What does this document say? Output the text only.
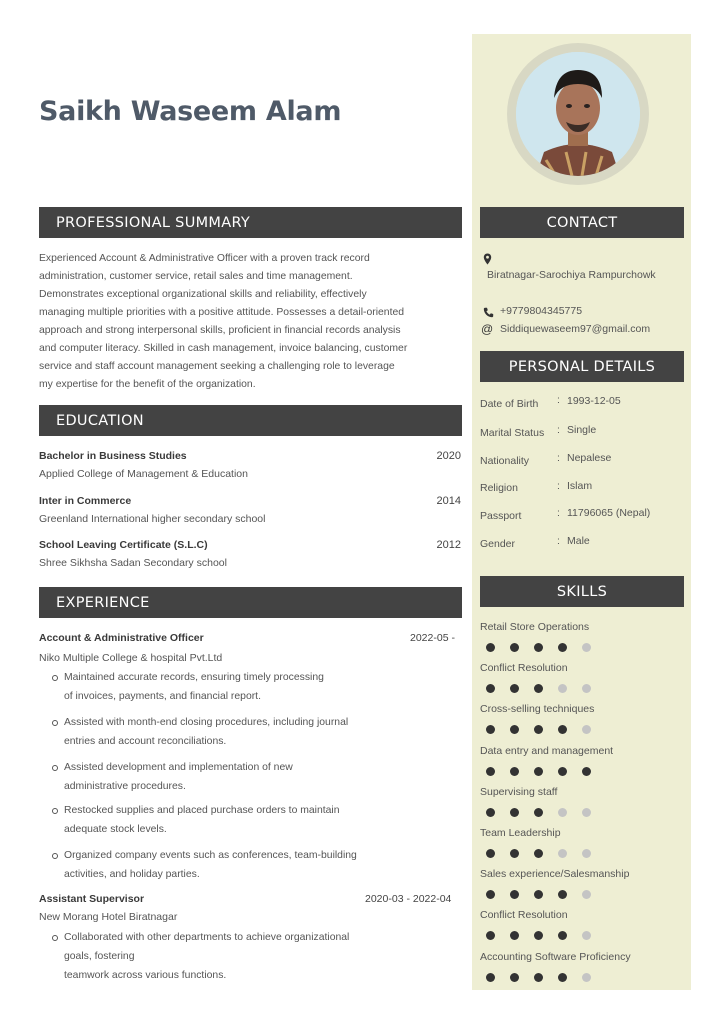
Saikh Waseem Alam
PROFESSIONAL SUMMARY
Experienced Account & Administrative Officer with a proven track record
administration, customer service, retail sales and time management.
Demonstrates exceptional organizational skills and reliability, effectively
managing multiple priorities with a positive attitude. Possesses a detail-oriented
approach and strong interpersonal skills, proficient in financial records analysis
and computer literacy. Skilled in cash management, invoice balancing, customer
service and staff account management seeking a challenging role to leverage
my expertise for the benefit of the organization.
EDUCATION
Bachelor in Business Studies	2020
Applied College of Management & Education
Inter in Commerce	2014
Greenland International higher secondary school
School Leaving Certificate (S.L.C)	2012
Shree Sikhsha Sadan Secondary school
EXPERIENCE
Account & Administrative Officer	2022-05 -
Niko Multiple College & hospital Pvt.Ltd
Maintained accurate records, ensuring timely processing
of invoices, payments, and financial report.
Assisted with month-end closing procedures, including journal
entries and account reconciliations.
Assisted development and implementation of new
administrative procedures.
Restocked supplies and placed purchase orders to maintain
adequate stock levels.
Organized company events such as conferences, team-building
activities, and holiday parties.
Assistant Supervisor	2020-03 - 2022-04
New Morang Hotel Biratnagar
Collaborated with other departments to achieve organizational
goals, fostering
teamwork across various functions.
CONTACT
Biratnagar-Sarochiya Rampurchowk
+9779804345775
@ Siddiquewaseem97@gmail.com
PERSONAL DETAILS
Date of Birth : 1993-12-05
Marital Status : Single
Nationality	: Nepalese
Religion	: Islam
Passport	: 11796065 (Nepal)
Gender	: Male
SKILLS
Retail Store Operations
Conflict Resolution
Cross-selling techniques
Data entry and management
Supervising staff
Team Leadership
Sales experience/Salesmanship
Conflict Resolution
Accounting Software Proficiency
